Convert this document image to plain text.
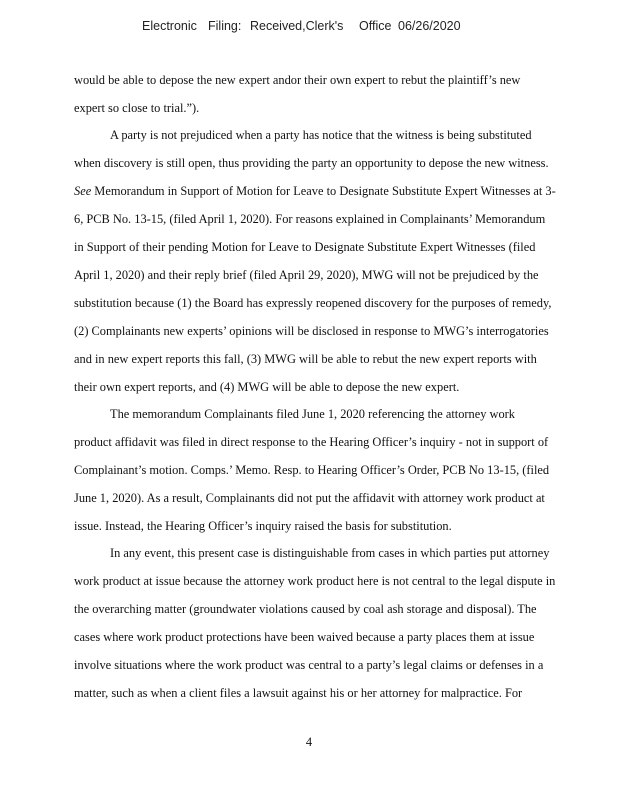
Electronic Filing: Received,Clerk's Office 06/26/2020
would be able to depose the new expert andor their own expert to rebut the plaintiff’s new
expert so close to trial.”).
A party is not prejudiced when a party has notice that the witness is being substituted
when discovery is still open, thus providing the party an opportunity to depose the new witness.
See Memorandum in Support of Motion for Leave to Designate Substitute Expert Witnesses at 3-
6, PCB No. 13-15, (filed April 1, 2020). For reasons explained in Complainants’ Memorandum
in Support of their pending Motion for Leave to Designate Substitute Expert Witnesses (filed
April 1, 2020) and their reply brief (filed April 29, 2020), MWG will not be prejudiced by the
substitution because (1) the Board has expressly reopened discovery for the purposes of remedy,
(2) Complainants new experts’ opinions will be disclosed in response to MWG’s interrogatories
and in new expert reports this fall, (3) MWG will be able to rebut the new expert reports with
their own expert reports, and (4) MWG will be able to depose the new expert.
The memorandum Complainants filed June 1, 2020 referencing the attorney work
product affidavit was filed in direct response to the Hearing Officer’s inquiry - not in support of
Complainant’s motion. Comps.’ Memo. Resp. to Hearing Officer’s Order, PCB No 13-15, (filed
June 1, 2020). As a result, Complainants did not put the affidavit with attorney work product at
issue. Instead, the Hearing Officer’s inquiry raised the basis for substitution.
In any event, this present case is distinguishable from cases in which parties put attorney
work product at issue because the attorney work product here is not central to the legal dispute in
the overarching matter (groundwater violations caused by coal ash storage and disposal). The
cases where work product protections have been waived because a party places them at issue
involve situations where the work product was central to a party’s legal claims or defenses in a
matter, such as when a client files a lawsuit against his or her attorney for malpractice. For
4
